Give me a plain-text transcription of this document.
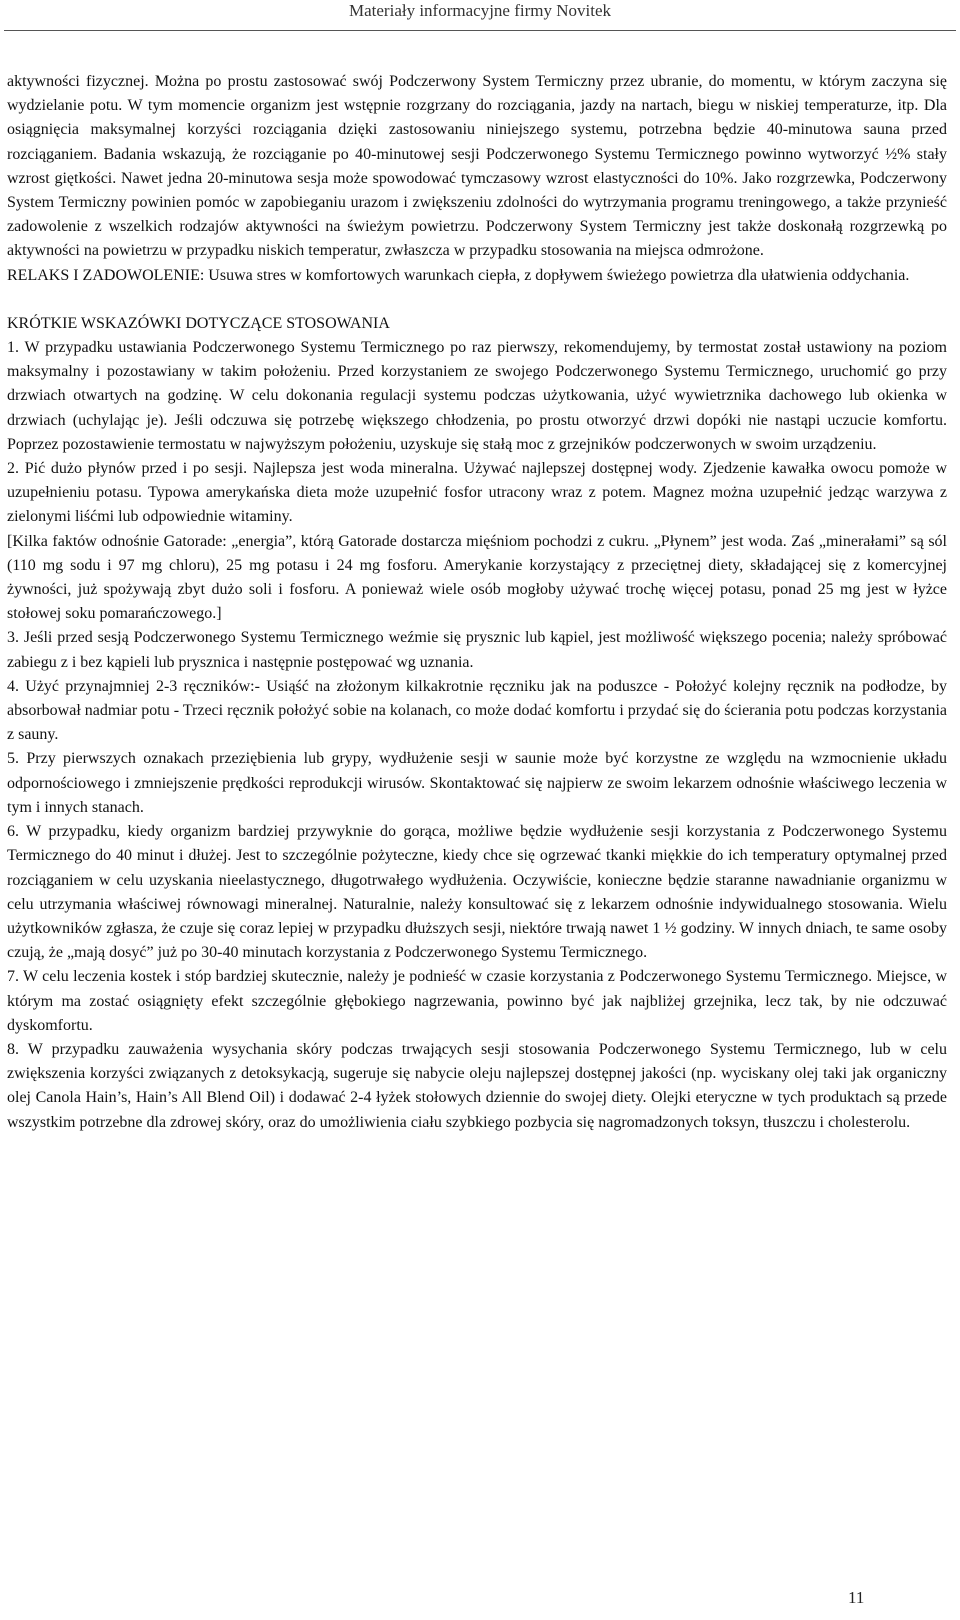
Materiały informacyjne firmy Novitek

aktywności fizycznej. Można po prostu zastosować swój Podczerwony System Termiczny przez ubranie, do momentu, w którym zaczyna się wydzielanie potu. W tym momencie organizm jest wstępnie rozgrzany do rozciągania, jazdy na nartach, biegu w niskiej temperaturze, itp. Dla osiągnięcia maksymalnej korzyści rozciągania dzięki zastosowaniu niniejszego systemu, potrzebna będzie 40-minutowa sauna przed rozciąganiem. Badania wskazują, że rozciąganie po 40-minutowej sesji Podczerwonego Systemu Termicznego powinno wytworzyć ½% stały wzrost giętkości. Nawet jedna 20-minutowa sesja może spowodować tymczasowy wzrost elastyczności do 10%. Jako rozgrzewka, Podczerwony System Termiczny powinien pomóc w zapobieganiu urazom i zwiększeniu zdolności do wytrzymania programu treningowego, a także przynieść zadowolenie z wszelkich rodzajów aktywności na świeżym powietrzu. Podczerwony System Termiczny jest także doskonałą rozgrzewką po aktywności na powietrzu w przypadku niskich temperatur, zwłaszcza w przypadku stosowania na miejsca odmrożone.

RELAKS I ZADOWOLENIE: Usuwa stres w komfortowych warunkach ciepła, z dopływem świeżego powietrza dla ułatwienia oddychania.

KRÓTKIE WSKAZÓWKI DOTYCZĄCE STOSOWANIA

1. W przypadku ustawiania Podczerwonego Systemu Termicznego po raz pierwszy, rekomendujemy, by termostat został ustawiony na poziom maksymalny i pozostawiany w takim położeniu. Przed korzystaniem ze swojego Podczerwonego Systemu Termicznego, uruchomić go przy drzwiach otwartych na godzinę. W celu dokonania regulacji systemu podczas użytkowania, użyć wywietrznika dachowego lub okienka w drzwiach (uchylając je). Jeśli odczuwa się potrzebę większego chłodzenia, po prostu otworzyć drzwi dopóki nie nastąpi uczucie komfortu. Poprzez pozostawienie termostatu w najwyższym położeniu, uzyskuje się stałą moc z grzejników podczerwonych w swoim urządzeniu.

2. Pić dużo płynów przed i po sesji. Najlepsza jest woda mineralna. Używać najlepszej dostępnej wody. Zjedzenie kawałka owocu pomoże w uzupełnieniu potasu. Typowa amerykańska dieta może uzupełnić fosfor utracony wraz z potem. Magnez można uzupełnić jedząc warzywa z zielonymi liśćmi lub odpowiednie witaminy.

[Kilka faktów odnośnie Gatorade: „energia”, którą Gatorade dostarcza mięśniom pochodzi z cukru. „Płynem” jest woda. Zaś „minerałami” są sól (110 mg sodu i 97 mg chloru), 25 mg potasu i 24 mg fosforu. Amerykanie korzystający z przeciętnej diety, składającej się z komercyjnej żywności, już spożywają zbyt dużo soli i fosforu. A ponieważ wiele osób mogłoby używać trochę więcej potasu, ponad 25 mg jest w łyżce stołowej soku pomarańczowego.]

3. Jeśli przed sesją Podczerwonego Systemu Termicznego weźmie się prysznic lub kąpiel, jest możliwość większego pocenia; należy spróbować zabiegu z i bez kąpieli lub prysznica i następnie postępować wg uznania.

4. Użyć przynajmniej 2-3 ręczników:- Usiąść na złożonym kilkakrotnie ręczniku jak na poduszce - Położyć kolejny ręcznik na podłodze, by absorbował nadmiar potu - Trzeci ręcznik położyć sobie na kolanach, co może dodać komfortu i przydać się do ścierania potu podczas korzystania z sauny.

5. Przy pierwszych oznakach przeziębienia lub grypy, wydłużenie sesji w saunie może być korzystne ze względu na wzmocnienie układu odpornościowego i zmniejszenie prędkości reprodukcji wirusów. Skontaktować się najpierw ze swoim lekarzem odnośnie właściwego leczenia w tym i innych stanach.

6. W przypadku, kiedy organizm bardziej przywyknie do gorąca, możliwe będzie wydłużenie sesji korzystania z Podczerwonego Systemu Termicznego do 40 minut i dłużej. Jest to szczególnie pożyteczne, kiedy chce się ogrzewać tkanki miękkie do ich temperatury optymalnej przed rozciąganiem w celu uzyskania nieelastycznego, długotrwałego wydłużenia. Oczywiście, konieczne będzie staranne nawadnianie organizmu w celu utrzymania właściwej równowagi mineralnej. Naturalnie, należy konsultować się z lekarzem odnośnie indywidualnego stosowania. Wielu użytkowników zgłasza, że czuje się coraz lepiej w przypadku dłuższych sesji, niektóre trwają nawet 1 ½ godziny. W innych dniach, te same osoby czują, że „mają dosyć” już po 30-40 minutach korzystania z Podczerwonego Systemu Termicznego.

7. W celu leczenia kostek i stóp bardziej skutecznie, należy je podnieść w czasie korzystania z Podczerwonego Systemu Termicznego. Miejsce, w którym ma zostać osiągnięty efekt szczególnie głębokiego nagrzewania, powinno być jak najbliżej grzejnika, lecz tak, by nie odczuwać dyskomfortu.

8. W przypadku zauważenia wysychania skóry podczas trwających sesji stosowania Podczerwonego Systemu Termicznego, lub w celu zwiększenia korzyści związanych z detoksykacją, sugeruje się nabycie oleju najlepszej dostępnej jakości (np. wyciskany olej taki jak organiczny olej Canola Hain’s, Hain’s All Blend Oil) i dodawać 2-4 łyżek stołowych dziennie do swojej diety. Olejki eteryczne w tych produktach są przede wszystkim potrzebne dla zdrowej skóry, oraz do umożliwienia ciału szybkiego pozbycia się nagromadzonych toksyn, tłuszczu i cholesterolu.

11
